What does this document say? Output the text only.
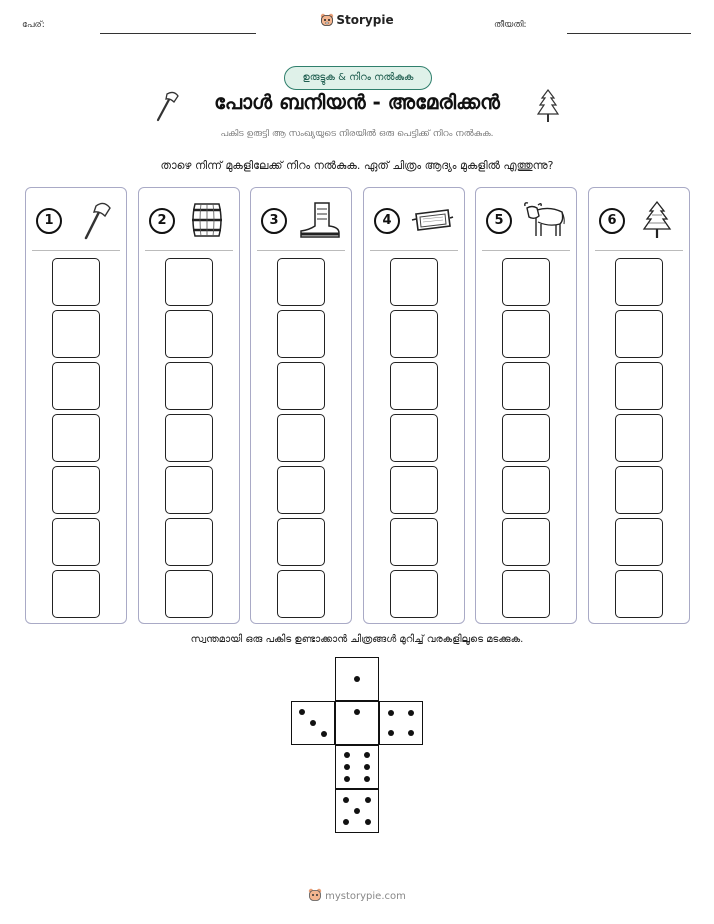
പേര്:	Storypie	തീയതി:
ഉരുട്ടുക & നിറം നൽകുക
പോൾ ബനിയൻ - അമേരിക്കൻ
പകിട ഉരുട്ടി ആ സംഖ്യയുടെ നിരയിൽ ഒരു പെട്ടിക്ക് നിറം നൽകുക.
താഴെ നിന്ന് മുകളിലേക്ക് നിറം നൽകുക. ഏത് ചിത്രം ആദ്യം മുകളിൽ എത്തുന്നു?
1	2	3	4	5	6
സ്വന്തമായി ഒരു പകിട ഉണ്ടാക്കാൻ ചിത്രങ്ങൾ മുറിച്ച് വരകളിലൂടെ മടക്കുക.
mystorypie.com
